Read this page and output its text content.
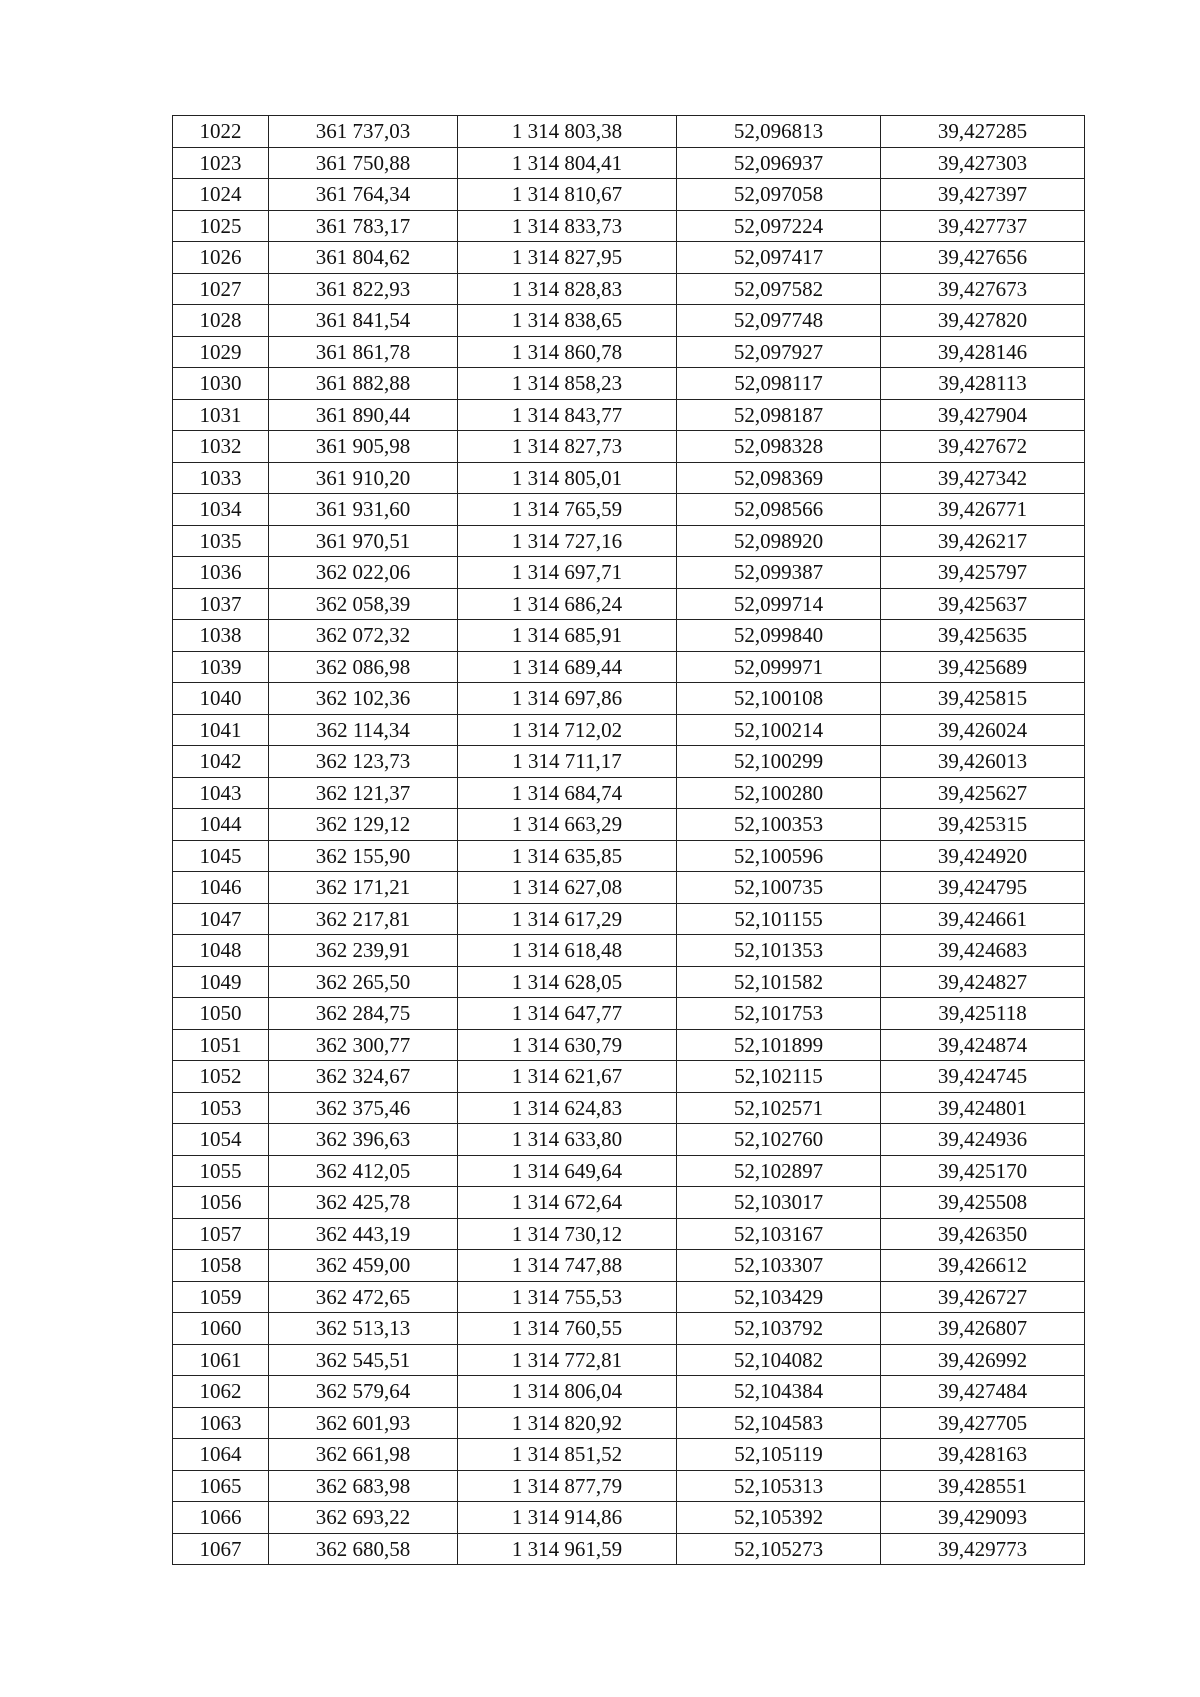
1022	361 737,03	1 314 803,38	52,096813	39,427285
1023	361 750,88	1 314 804,41	52,096937	39,427303
1024	361 764,34	1 314 810,67	52,097058	39,427397
1025	361 783,17	1 314 833,73	52,097224	39,427737
1026	361 804,62	1 314 827,95	52,097417	39,427656
1027	361 822,93	1 314 828,83	52,097582	39,427673
1028	361 841,54	1 314 838,65	52,097748	39,427820
1029	361 861,78	1 314 860,78	52,097927	39,428146
1030	361 882,88	1 314 858,23	52,098117	39,428113
1031	361 890,44	1 314 843,77	52,098187	39,427904
1032	361 905,98	1 314 827,73	52,098328	39,427672
1033	361 910,20	1 314 805,01	52,098369	39,427342
1034	361 931,60	1 314 765,59	52,098566	39,426771
1035	361 970,51	1 314 727,16	52,098920	39,426217
1036	362 022,06	1 314 697,71	52,099387	39,425797
1037	362 058,39	1 314 686,24	52,099714	39,425637
1038	362 072,32	1 314 685,91	52,099840	39,425635
1039	362 086,98	1 314 689,44	52,099971	39,425689
1040	362 102,36	1 314 697,86	52,100108	39,425815
1041	362 114,34	1 314 712,02	52,100214	39,426024
1042	362 123,73	1 314 711,17	52,100299	39,426013
1043	362 121,37	1 314 684,74	52,100280	39,425627
1044	362 129,12	1 314 663,29	52,100353	39,425315
1045	362 155,90	1 314 635,85	52,100596	39,424920
1046	362 171,21	1 314 627,08	52,100735	39,424795
1047	362 217,81	1 314 617,29	52,101155	39,424661
1048	362 239,91	1 314 618,48	52,101353	39,424683
1049	362 265,50	1 314 628,05	52,101582	39,424827
1050	362 284,75	1 314 647,77	52,101753	39,425118
1051	362 300,77	1 314 630,79	52,101899	39,424874
1052	362 324,67	1 314 621,67	52,102115	39,424745
1053	362 375,46	1 314 624,83	52,102571	39,424801
1054	362 396,63	1 314 633,80	52,102760	39,424936
1055	362 412,05	1 314 649,64	52,102897	39,425170
1056	362 425,78	1 314 672,64	52,103017	39,425508
1057	362 443,19	1 314 730,12	52,103167	39,426350
1058	362 459,00	1 314 747,88	52,103307	39,426612
1059	362 472,65	1 314 755,53	52,103429	39,426727
1060	362 513,13	1 314 760,55	52,103792	39,426807
1061	362 545,51	1 314 772,81	52,104082	39,426992
1062	362 579,64	1 314 806,04	52,104384	39,427484
1063	362 601,93	1 314 820,92	52,104583	39,427705
1064	362 661,98	1 314 851,52	52,105119	39,428163
1065	362 683,98	1 314 877,79	52,105313	39,428551
1066	362 693,22	1 314 914,86	52,105392	39,429093
1067	362 680,58	1 314 961,59	52,105273	39,429773
